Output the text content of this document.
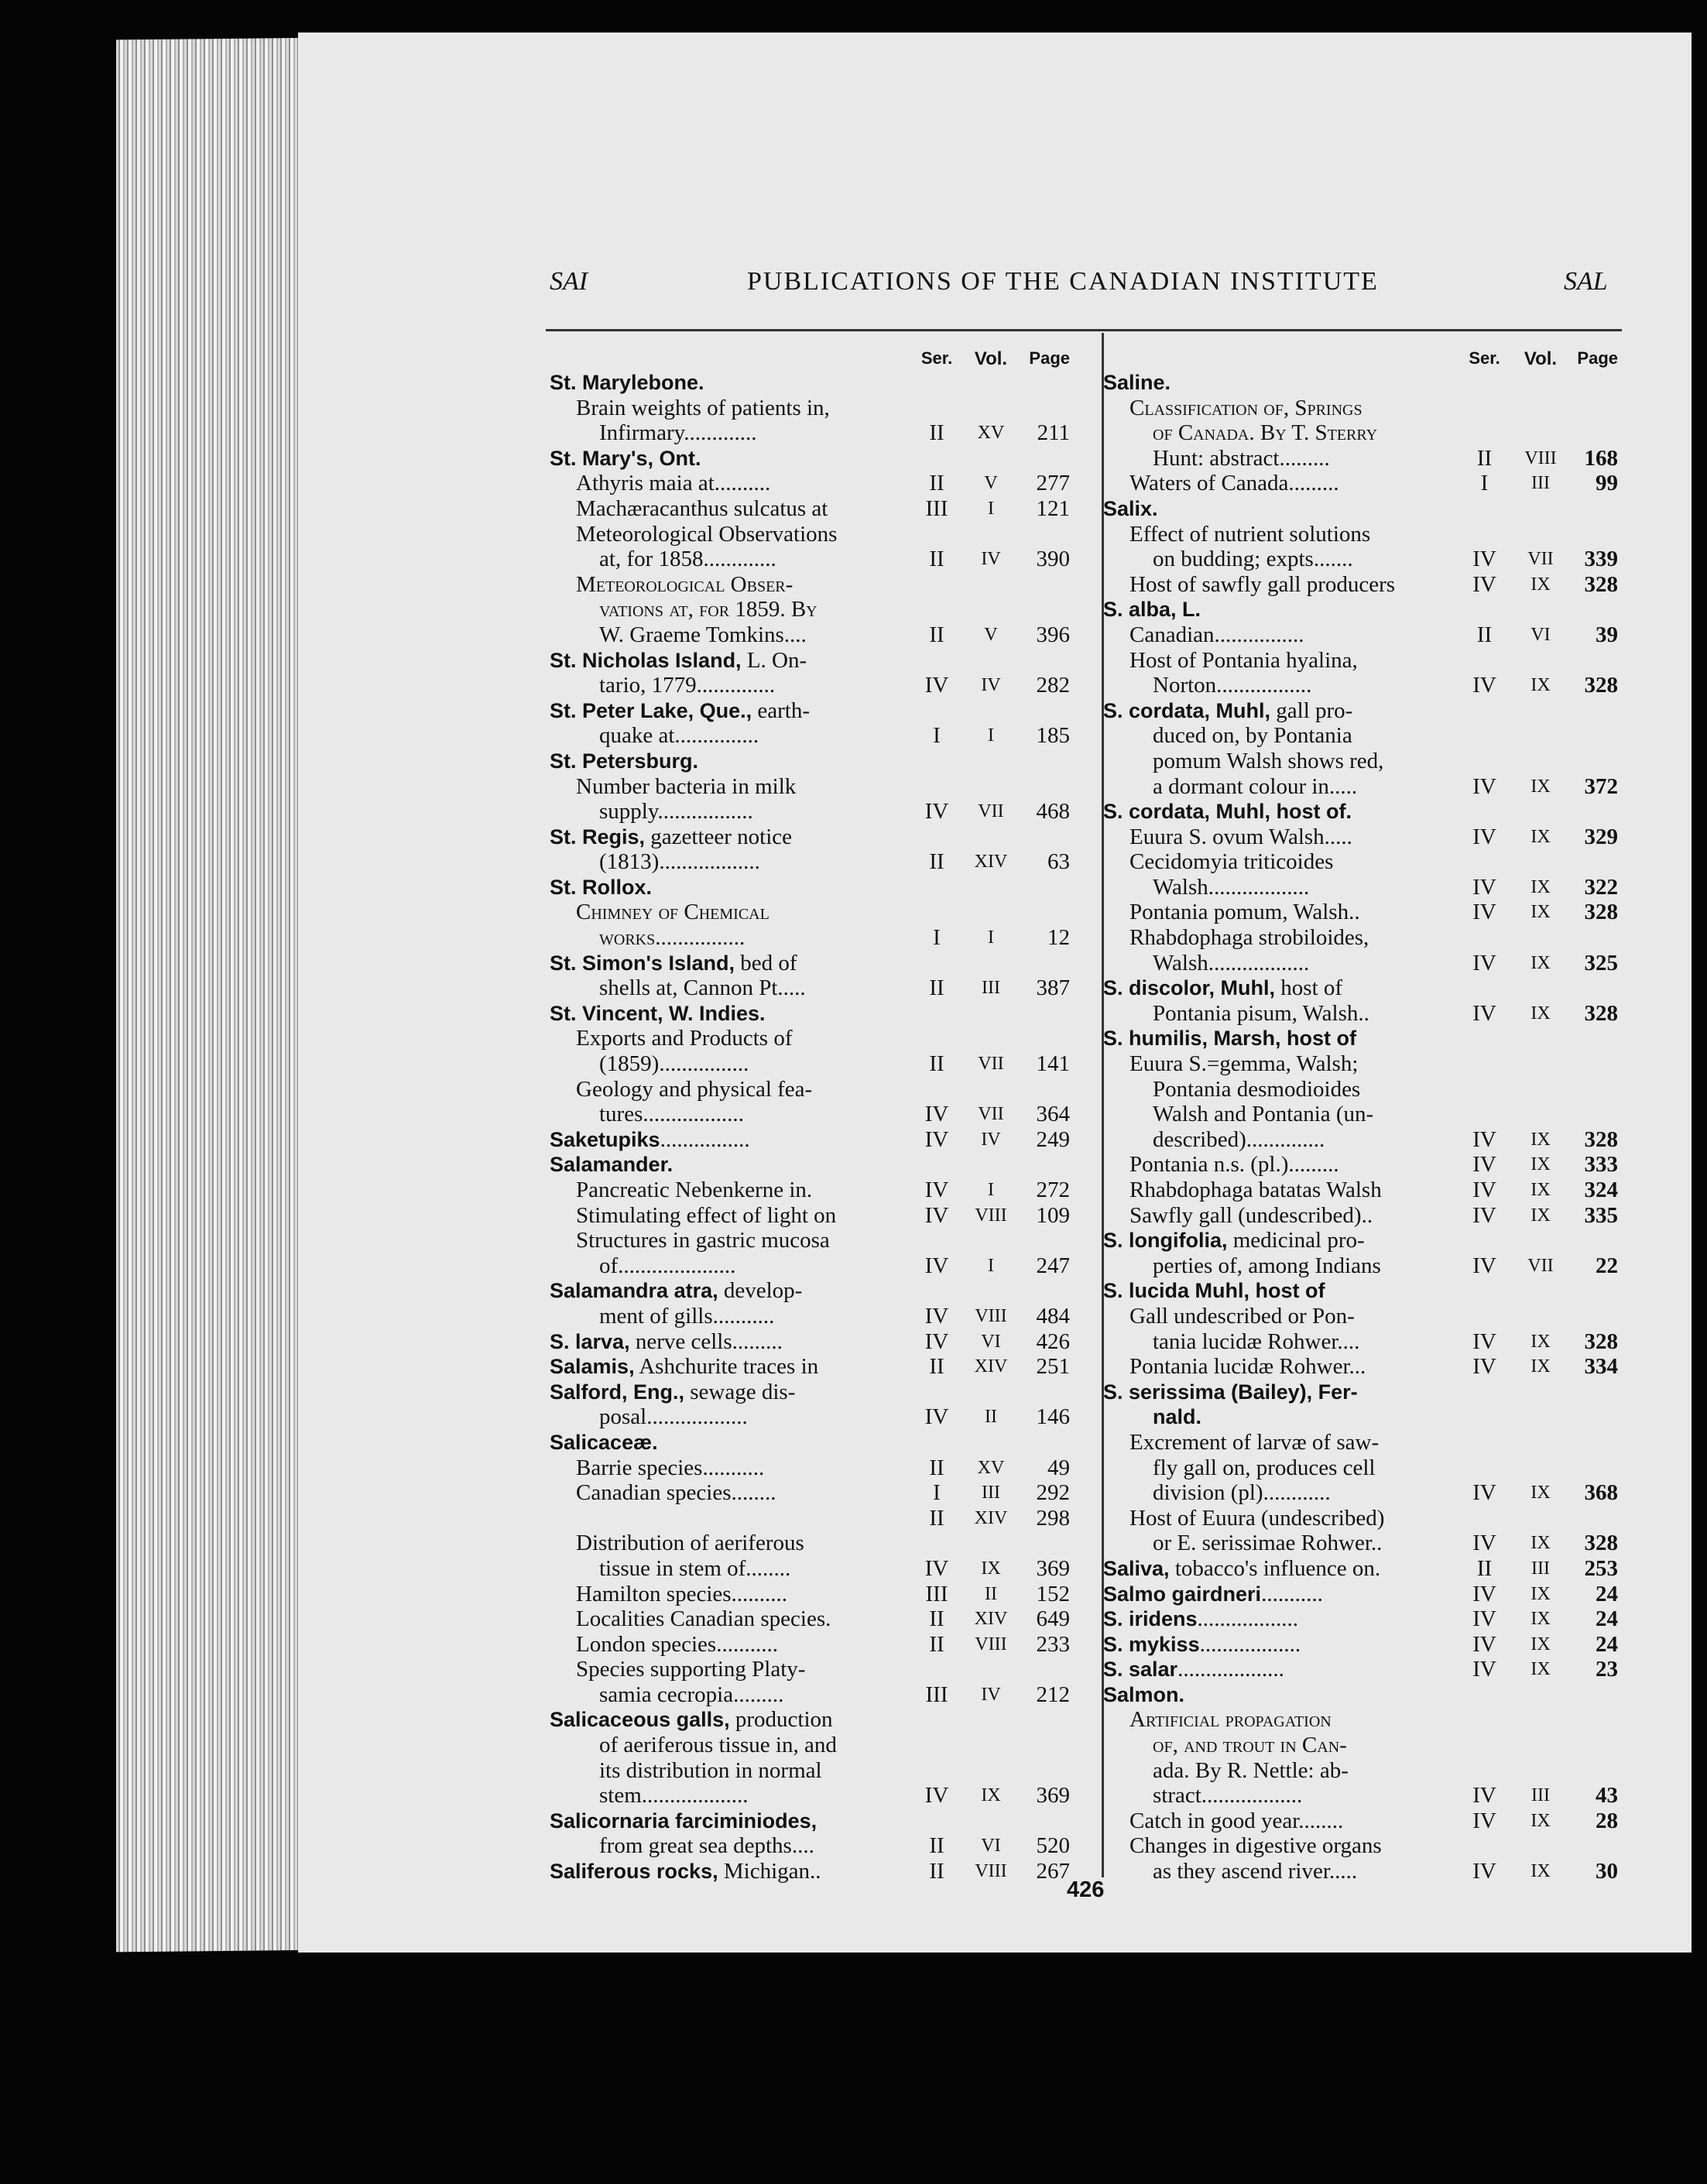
SAI	PUBLICATIONS OF THE CANADIAN INSTITUTE	SAL
Ser.	Vol.	Page
St. Marylebone.
Brain weights of patients in,
Infirmary.............	II	XV	211
St. Mary's, Ont.
Athyris maia at..........	II	V	277
Machæracanthus sulcatus at	III	I	121
Meteorological Observations
at, for 1858.............	II	IV	390
Meteorological Obser-
vations at, for 1859. By
W. Graeme Tomkins....	II	V	396
St. Nicholas Island, L. On-
tario, 1779..............	IV	IV	282
St. Peter Lake, Que., earth-
quake at...............	I	I	185
St. Petersburg.
Number bacteria in milk
supply.................	IV	VII	468
St. Regis, gazetteer notice
(1813)..................	II	XIV	63
St. Rollox.
Chimney of Chemical
works................	I	I	12
St. Simon's Island, bed of
shells at, Cannon Pt.....	II	III	387
St. Vincent, W. Indies.
Exports and Products of
(1859)................	II	VII	141
Geology and physical fea-
tures..................	IV	VII	364
Saketupiks................	IV	IV	249
Salamander.
Pancreatic Nebenkerne in.	IV	I	272
Stimulating effect of light on	IV	VIII	109
Structures in gastric mucosa
of.....................	IV	I	247
Salamandra atra, develop-
ment of gills...........	IV	VIII	484
S. larva, nerve cells.........	IV	VI	426
Salamis, Ashchurite traces in	II	XIV	251
Salford, Eng., sewage dis-
posal..................	IV	II	146
Salicaceæ.
Barrie species...........	II	XV	49
Canadian species........	I	III	292
II	XIV	298
Distribution of aeriferous
tissue in stem of........	IV	IX	369
Hamilton species..........	III	II	152
Localities Canadian species.	II	XIV	649
London species...........	II	VIII	233
Species supporting Platy-
samia cecropia.........	III	IV	212
Salicaceous galls, production
of aeriferous tissue in, and
its distribution in normal
stem...................	IV	IX	369
Salicornaria farciminiodes,
from great sea depths....	II	VI	520
Saliferous rocks, Michigan..	II	VIII	267
Ser.	Vol.	Page
Saline.
Classification of, Springs
of Canada. By T. Sterry
Hunt: abstract.........	II	VIII	168
Waters of Canada.........	I	III	99
Salix.
Effect of nutrient solutions
on budding; expts.......	IV	VII	339
Host of sawfly gall producers	IV	IX	328
S. alba, L.
Canadian................	II	VI	39
Host of Pontania hyalina,
Norton.................	IV	IX	328
S. cordata, Muhl, gall pro-
duced on, by Pontania
pomum Walsh shows red,
a dormant colour in.....	IV	IX	372
S. cordata, Muhl, host of.
Euura S. ovum Walsh.....	IV	IX	329
Cecidomyia triticoides
Walsh..................	IV	IX	322
Pontania pomum, Walsh..	IV	IX	328
Rhabdophaga strobiloides,
Walsh..................	IV	IX	325
S. discolor, Muhl, host of
Pontania pisum, Walsh..	IV	IX	328
S. humilis, Marsh, host of
Euura S.=gemma, Walsh;
Pontania desmodioides
Walsh and Pontania (un-
described)..............	IV	IX	328
Pontania n.s. (pl.).........	IV	IX	333
Rhabdophaga batatas Walsh	IV	IX	324
Sawfly gall (undescribed)..	IV	IX	335
S. longifolia, medicinal pro-
perties of, among Indians	IV	VII	22
S. lucida Muhl, host of
Gall undescribed or Pon-
tania lucidæ Rohwer....	IV	IX	328
Pontania lucidæ Rohwer...	IV	IX	334
S. serissima (Bailey), Fer-
nald.
Excrement of larvæ of saw-
fly gall on, produces cell
division (pl)............	IV	IX	368
Host of Euura (undescribed)
or E. serissimae Rohwer..	IV	IX	328
Saliva, tobacco's influence on.	II	III	253
Salmo gairdneri...........	IV	IX	24
S. iridens..................	IV	IX	24
S. mykiss..................	IV	IX	24
S. salar...................	IV	IX	23
Salmon.
Artificial propagation
of, and trout in Can-
ada. By R. Nettle: ab-
stract..................	IV	III	43
Catch in good year........	IV	IX	28
Changes in digestive organs
as they ascend river.....	IV	IX	30
426
